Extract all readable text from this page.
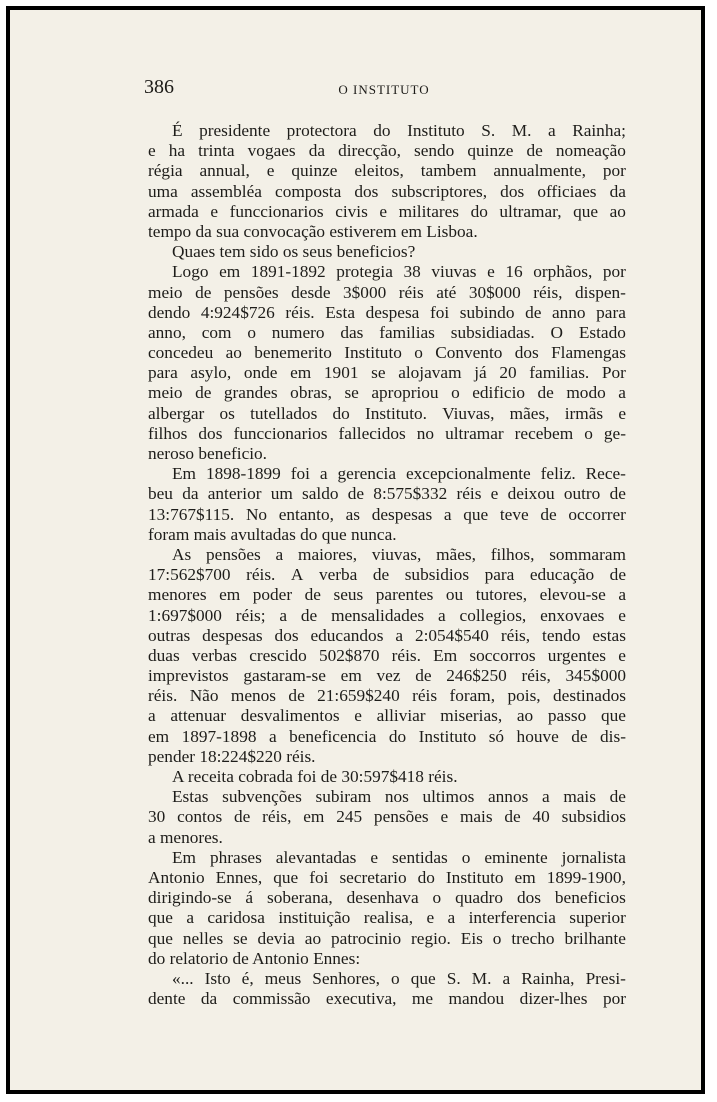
386	O INSTITUTO
É presidente protectora do Instituto S. M. a Rainha;
e ha trinta vogaes da direcção, sendo quinze de nomeação
régia annual, e quinze eleitos, tambem annualmente, por
uma assembléa composta dos subscriptores, dos officiaes da
armada e funccionarios civis e militares do ultramar, que ao
tempo da sua convocação estiverem em Lisboa.
Quaes tem sido os seus beneficios?
Logo em 1891-1892 protegia 38 viuvas e 16 orphãos, por
meio de pensões desde 3$000 réis até 30$000 réis, dispen-
dendo 4:924$726 réis. Esta despesa foi subindo de anno para
anno, com o numero das familias subsidiadas. O Estado
concedeu ao benemerito Instituto o Convento dos Flamengas
para asylo, onde em 1901 se alojavam já 20 familias. Por
meio de grandes obras, se apropriou o edificio de modo a
albergar os tutellados do Instituto. Viuvas, mães, irmãs e
filhos dos funccionarios fallecidos no ultramar recebem o ge-
neroso beneficio.
Em 1898-1899 foi a gerencia excepcionalmente feliz. Rece-
beu da anterior um saldo de 8:575$332 réis e deixou outro de
13:767$115. No entanto, as despesas a que teve de occorrer
foram mais avultadas do que nunca.
As pensões a maiores, viuvas, mães, filhos, sommaram
17:562$700 réis. A verba de subsidios para educação de
menores em poder de seus parentes ou tutores, elevou-se a
1:697$000 réis; a de mensalidades a collegios, enxovaes e
outras despesas dos educandos a 2:054$540 réis, tendo estas
duas verbas crescido 502$870 réis. Em soccorros urgentes e
imprevistos gastaram-se em vez de 246$250 réis, 345$000
réis. Não menos de 21:659$240 réis foram, pois, destinados
a attenuar desvalimentos e alliviar miserias, ao passo que
em 1897-1898 a beneficencia do Instituto só houve de dis-
pender 18:224$220 réis.
A receita cobrada foi de 30:597$418 réis.
Estas subvenções subiram nos ultimos annos a mais de
30 contos de réis, em 245 pensões e mais de 40 subsidios
a menores.
Em phrases alevantadas e sentidas o eminente jornalista
Antonio Ennes, que foi secretario do Instituto em 1899-1900,
dirigindo-se á soberana, desenhava o quadro dos beneficios
que a caridosa instituição realisa, e a interferencia superior
que nelles se devia ao patrocinio regio. Eis o trecho brilhante
do relatorio de Antonio Ennes:
«... Isto é, meus Senhores, o que S. M. a Rainha, Presi-
dente da commissão executiva, me mandou dizer-lhes por
